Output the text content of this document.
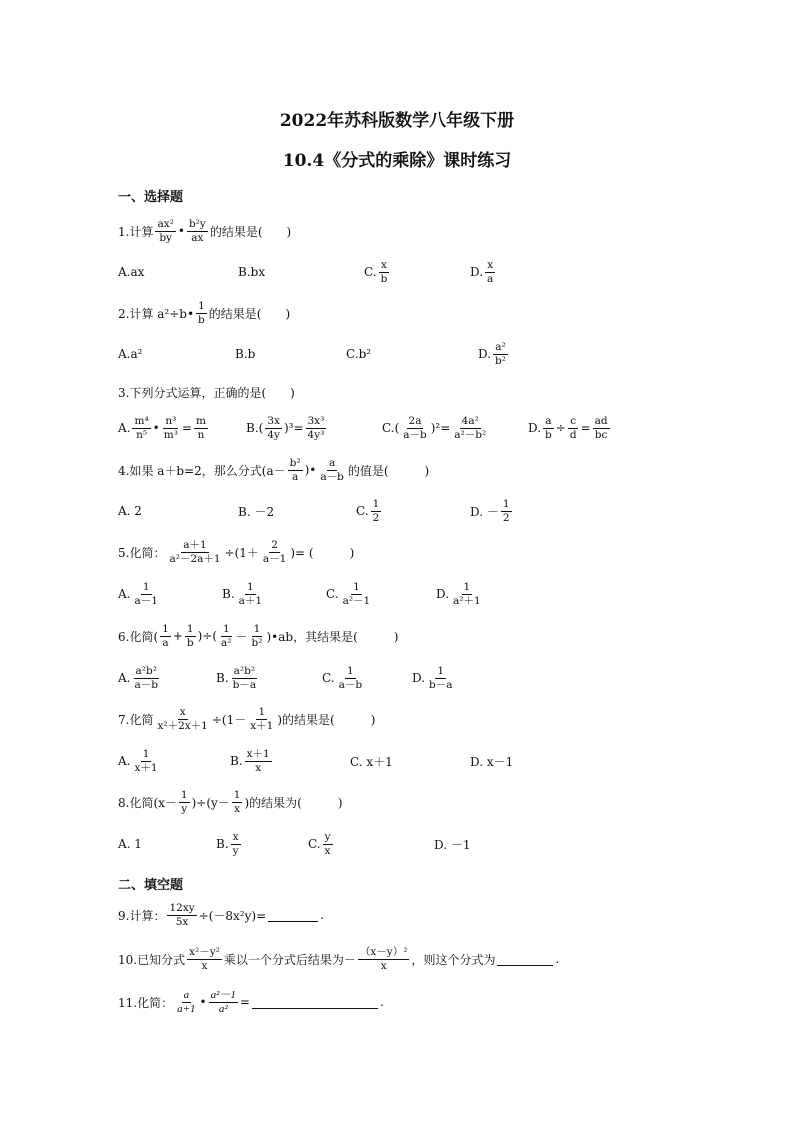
2022年苏科版数学八年级下册
10.4《分式的乘除》课时练习
一、选择题
1.计算 $\frac{\text{ax²}}{by}$ • $\frac{\text{b²y}}{ax}$ 的结果是(　　)
A.ax	B.bx	C. $\frac{x}{b}$	D. $\frac{x}{a}$
2.计算 a²÷b• $\frac{1}{b}$ 的结果是(　　)
A.a²	B.b	C.b²	D. $\frac{\text{a²}}{\text{b²}}$
3.下列分式运算，正确的是(　　)
A. $\frac{\text{m⁴}}{\text{n⁵}}$ • $\frac{\text{n³}}{\text{m³}} = \frac{m}{n}$	$B.( \frac{3x}{4y} )^3= \frac{\text{3x³}}{\text{4y³}}$	$C.( \frac{2a}{a-b} )^2= \frac{\text{4a²}}{\text{a²－b²}}$	D. $\frac{a}{b} \div \frac{c}{d} = \frac{ad}{bc}$
4.如果 a＋b=2，那么分式($a- \frac{\text{b²}}{a}$ )• $\frac{a}{a-b}$ 的值是(　　　)
A. 2	B. －2	C. $\frac{1}{2}$	D. － $\frac{1}{2}$
5.化简： $\frac{a+1}{\text{a²－2a＋1}} \div(1+ \frac{2}{a-1}$ )= (　　　)
A. $\frac{1}{a-1}$	B. $\frac{1}{a+1}$	C. $\frac{1}{\text{a²－1}}$	D. $\frac{1}{\text{a²＋1}}$
6.化简( $\frac{1}{a} + \frac{1}{b}$ )÷( $\frac{1}{\text{a²}} - \frac{1}{\text{b²}}$ )•ab，其结果是(　　　)
A. $\frac{\text{a²b²}}{a-b}$	B. $\frac{\text{a²b²}}{b-a}$	C. $\frac{1}{a-b}$	D. $\frac{1}{b-a}$
7.化简 $\frac{x}{\text{x²＋2x＋1}} \div(1- \frac{1}{x+1}$ )的结果是(　　　)
A. $\frac{1}{x+1}$	B. $\frac{x+1}{x}$	C. x＋1	D. x－1
8.化简$(x- \frac{1}{y} )\div(y- \frac{1}{x}$ )的结果为(　　　)
A. 1	B. $\frac{x}{y}$	C. $\frac{y}{x}$	D. －1
二、填空题
9.计算： $\frac{12xy}{5x} \div(-8x^2y)=$	.
10.已知分式 $\frac{\text{x²－y²}}{x}$ 乘以一个分式后结果为－ $\frac{\text{（x－y）²}}{x}$ ，则这个分式为	.
11.化简： $\frac{a}{a+1}$ • $\frac{\text{a²－1}}{\text{a²}}$ =	.
